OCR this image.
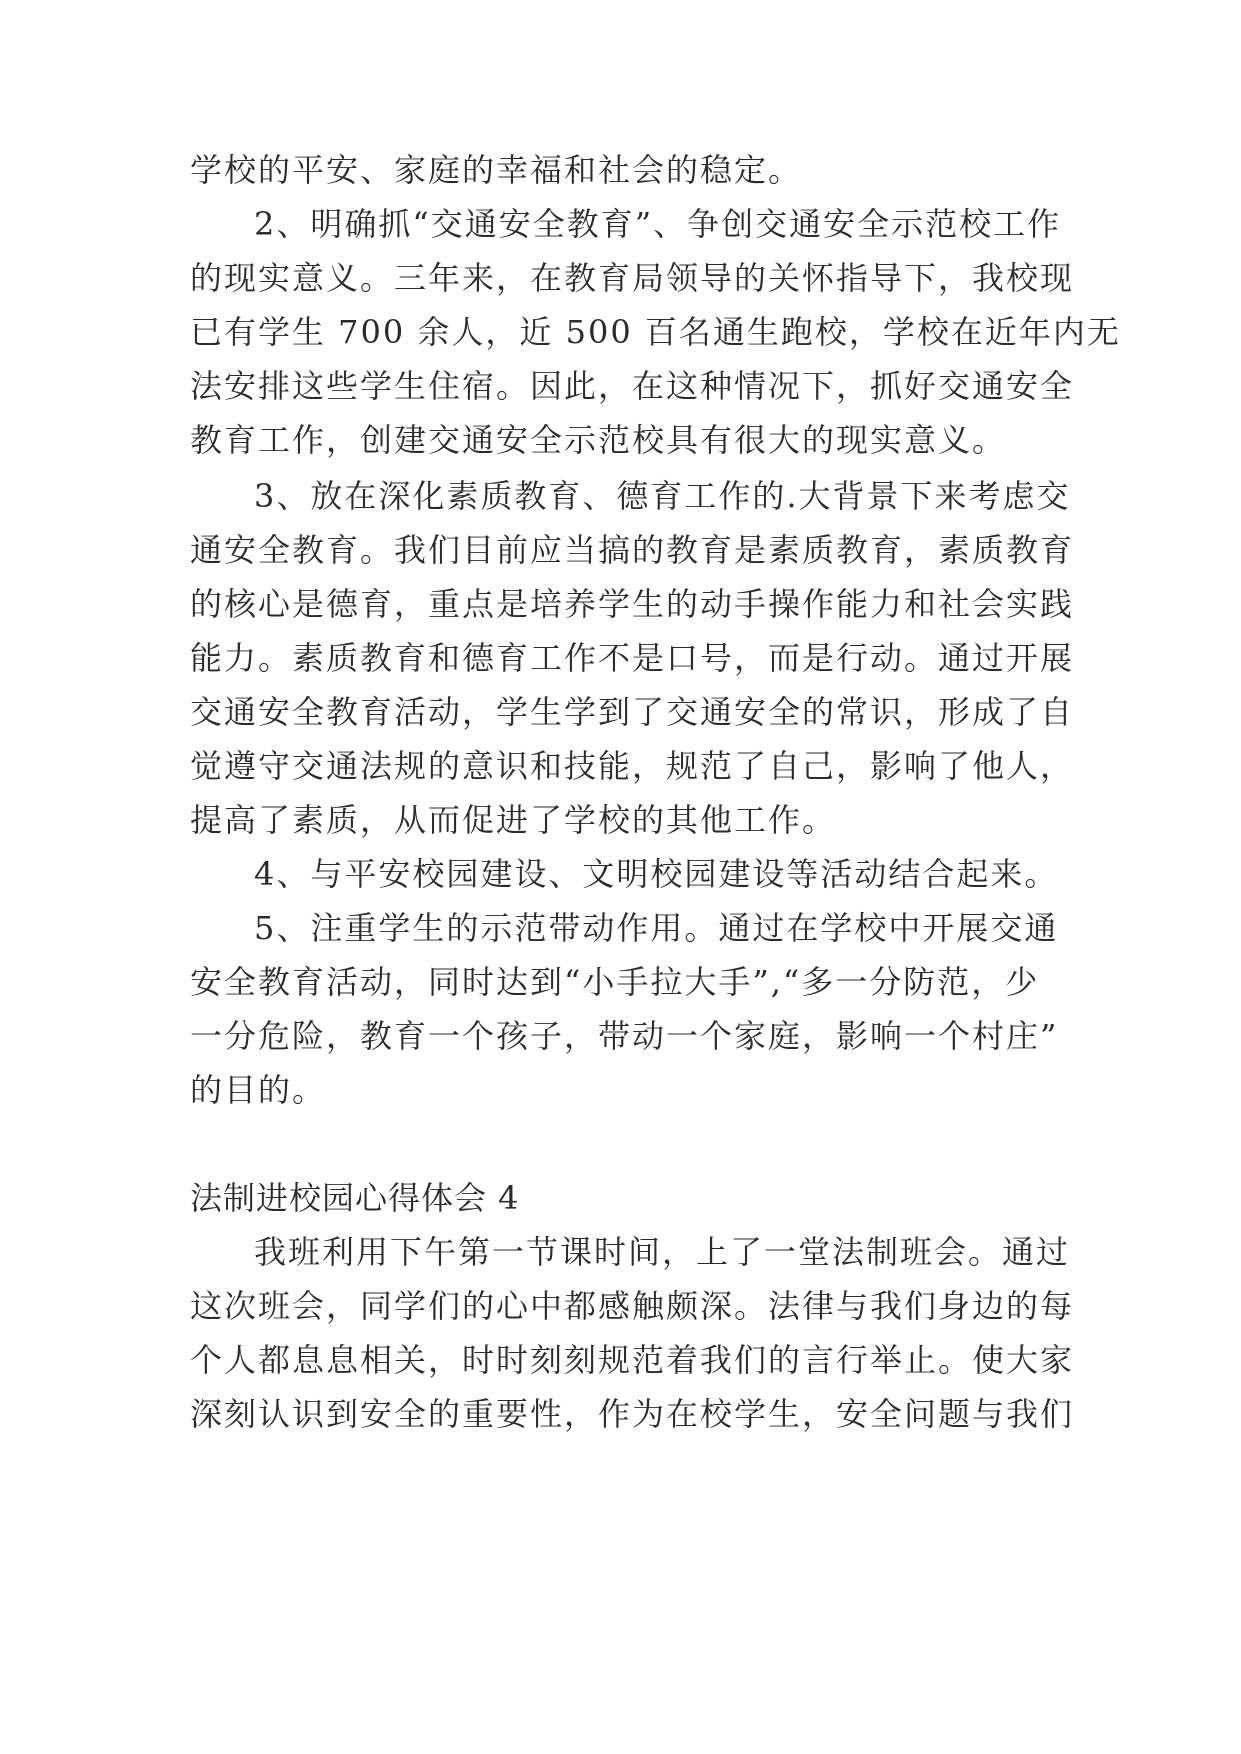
学校的平安、家庭的幸福和社会的稳定。
2、明确抓“交通安全教育”、争创交通安全示范校工作
的现实意义。三年来，在教育局领导的关怀指导下，我校现
已有学生 700 余人，近 500 百名通生跑校，学校在近年内无
法安排这些学生住宿。因此，在这种情况下，抓好交通安全
教育工作，创建交通安全示范校具有很大的现实意义。
3、放在深化素质教育、德育工作的.大背景下来考虑交
通安全教育。我们目前应当搞的教育是素质教育，素质教育
的核心是德育，重点是培养学生的动手操作能力和社会实践
能力。素质教育和德育工作不是口号，而是行动。通过开展
交通安全教育活动，学生学到了交通安全的常识，形成了自
觉遵守交通法规的意识和技能，规范了自己，影响了他人，
提高了素质，从而促进了学校的其他工作。
4、与平安校园建设、文明校园建设等活动结合起来。
5、注重学生的示范带动作用。通过在学校中开展交通
安全教育活动，同时达到“小手拉大手”,“多一分防范，少
一分危险，教育一个孩子，带动一个家庭，影响一个村庄”
的目的。
法制进校园心得体会 4
我班利用下午第一节课时间，上了一堂法制班会。通过
这次班会，同学们的心中都感触颇深。法律与我们身边的每
个人都息息相关，时时刻刻规范着我们的言行举止。使大家
深刻认识到安全的重要性，作为在校学生，安全问题与我们
